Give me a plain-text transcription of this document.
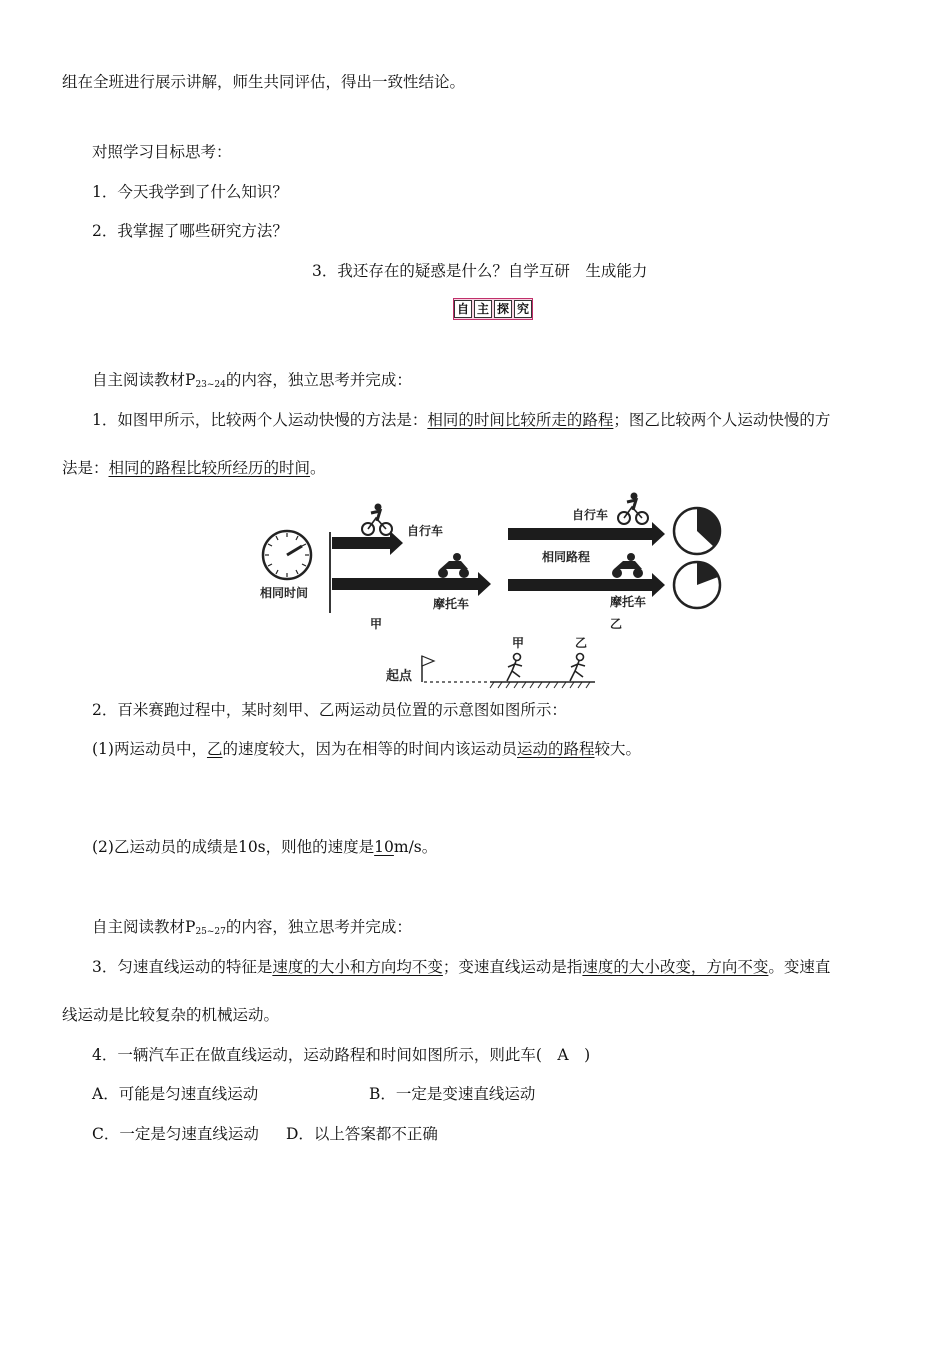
组在全班进行展示讲解，师生共同评估，得出一致性结论。
对照学习目标思考：
1．今天我学到了什么知识？
2．我掌握了哪些研究方法？
3．我还存在的疑惑是什么？自学互研　生成能力
自 主 探 究
自主阅读教材$P_{23\sim 24}$的内容，独立思考并完成：
1．如图甲所示，比较两个人运动快慢的方法是：相同的时间比较所走的路程；图乙比较两个人运动快慢的方
法是：相同的路程比较所经历的时间。
相同时间
自行车
摩托车
甲
自行车
相同路程
摩托车
乙
起点
甲	乙
2．百米赛跑过程中，某时刻甲、乙两运动员位置的示意图如图所示：
(1)两运动员中，乙的速度较大，因为在相等的时间内该运动员运动的路程较大。
(2)乙运动员的成绩是10s，则他的速度是10m/s。
自主阅读教材$P_{25\sim 27}$的内容，独立思考并完成：
3．匀速直线运动的特征是速度的大小和方向均不变；变速直线运动是指速度的大小改变，方向不变。变速直
线运动是比较复杂的机械运动。
4．一辆汽车正在做直线运动，运动路程和时间如图所示，则此车(　A　)
A．可能是匀速直线运动	B．一定是变速直线运动
C．一定是匀速直线运动 D．以上答案都不正确
